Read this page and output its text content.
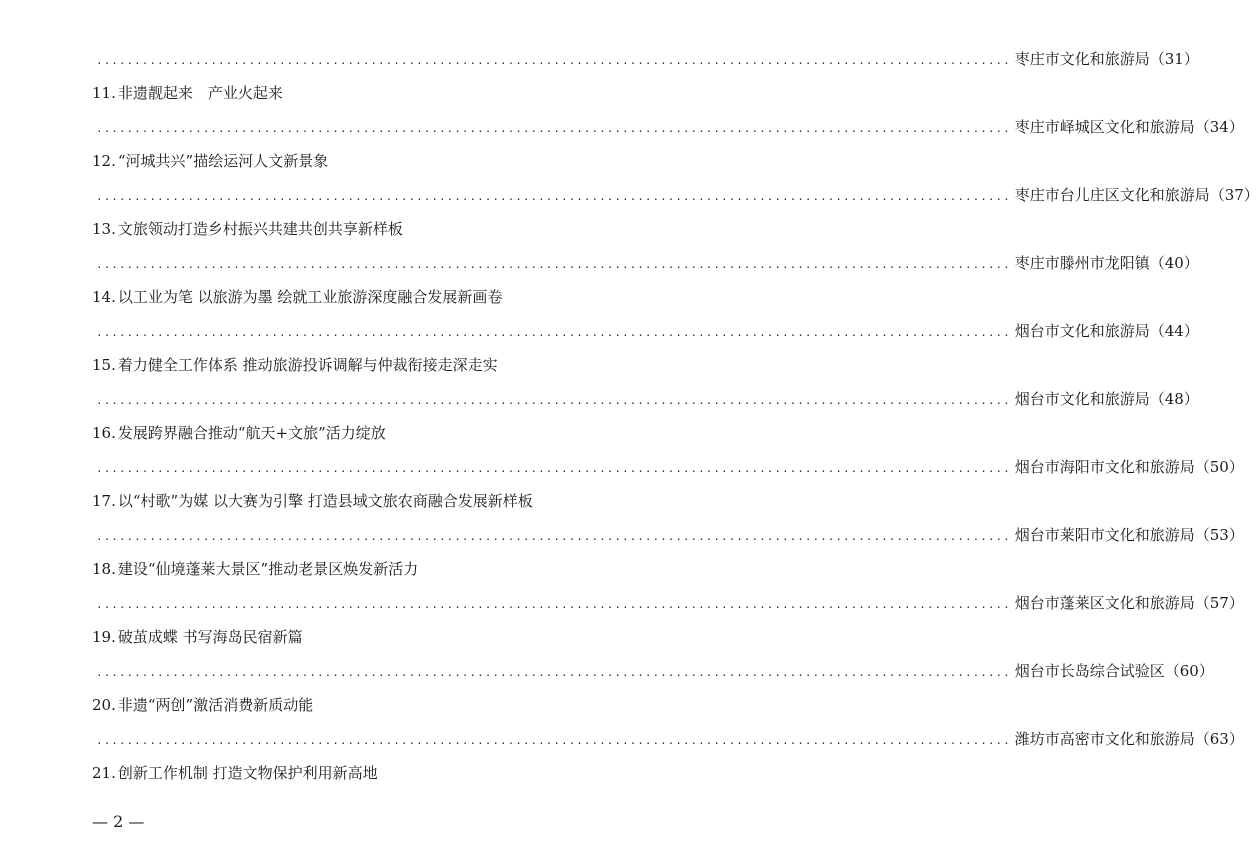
........................................................................................................................ 枣庄市文化和旅游局 （31）
11. 非遗靓起来　产业火起来
........................................................................................................................ 枣庄市峄城区文化和旅游局 （34）
12. “河城共兴”描绘运河人文新景象
........................................................................................................................ 枣庄市台儿庄区文化和旅游局 （37）
13. 文旅领动打造乡村振兴共建共创共享新样板
........................................................................................................................ 枣庄市滕州市龙阳镇 （40）
14. 以工业为笔 以旅游为墨 绘就工业旅游深度融合发展新画卷
........................................................................................................................ 烟台市文化和旅游局 （44）
15. 着力健全工作体系 推动旅游投诉调解与仲裁衔接走深走实
........................................................................................................................ 烟台市文化和旅游局 （48）
16. 发展跨界融合推动“航天+文旅”活力绽放
........................................................................................................................ 烟台市海阳市文化和旅游局 （50）
17. 以“村歌”为媒 以大赛为引擎 打造县域文旅农商融合发展新样板
........................................................................................................................ 烟台市莱阳市文化和旅游局 （53）
18. 建设“仙境蓬莱大景区”推动老景区焕发新活力
........................................................................................................................ 烟台市蓬莱区文化和旅游局 （57）
19. 破茧成蝶 书写海岛民宿新篇
........................................................................................................................ 烟台市长岛综合试验区 （60）
20. 非遗“两创”激活消费新质动能
........................................................................................................................ 潍坊市高密市文化和旅游局 （63）
21. 创新工作机制 打造文物保护利用新高地
— 2 —
